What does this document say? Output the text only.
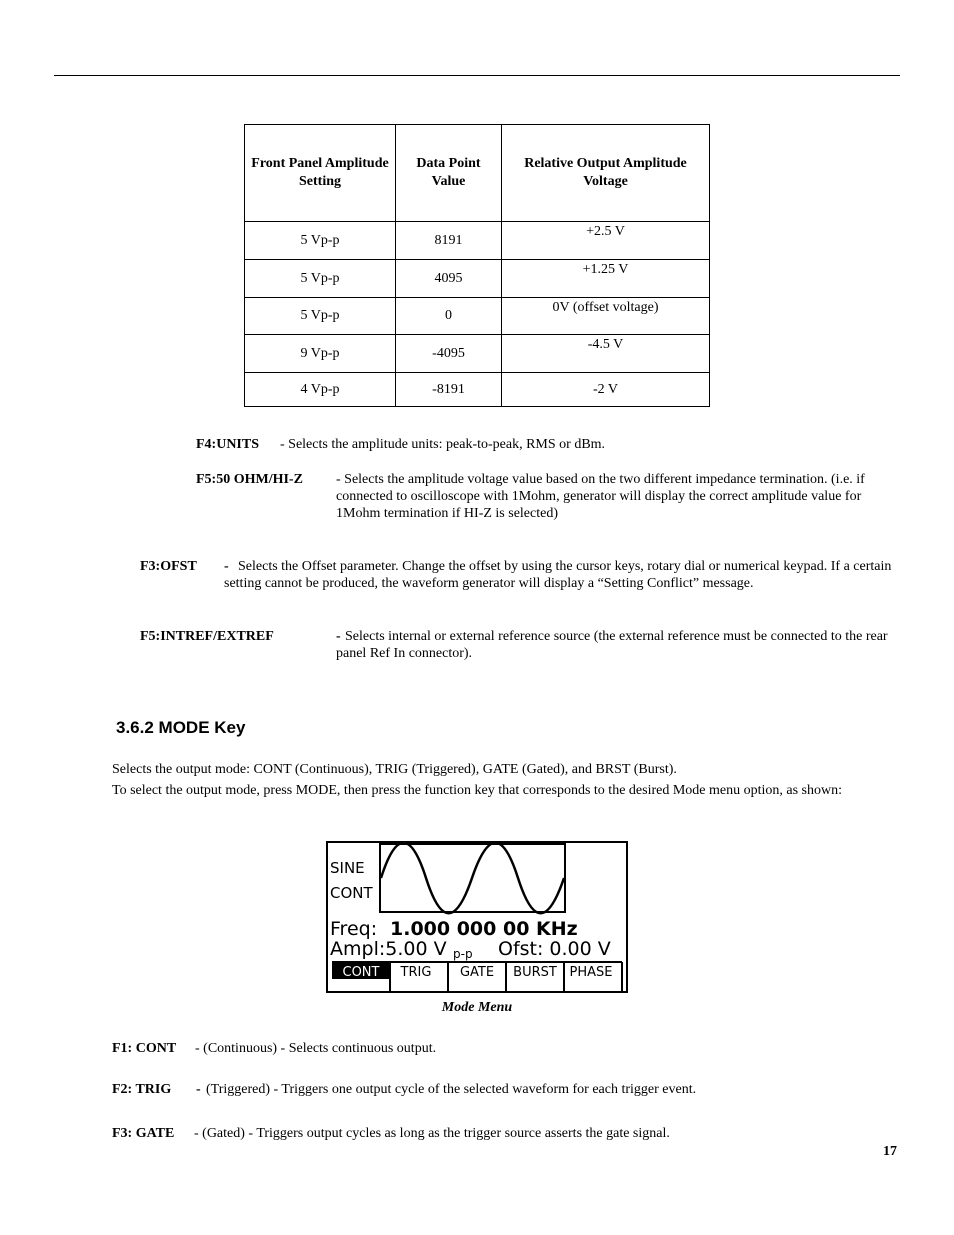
Front Panel Amplitude Setting	Data Point Value	Relative Output Amplitude Voltage
5 Vp-p	8191	+2.5 V
5 Vp-p	4095	+1.25 V
5 Vp-p	0	0V (offset voltage)
9 Vp-p	-4095	-4.5 V
4 Vp-p	-8191	-2 V
F4:UNITS - Selects the amplitude units: peak-to-peak, RMS or dBm.
F5:50 OHM/HI-Z - Selects the amplitude voltage value based on the two different impedance termination. (i.e. if connected to oscilloscope with 1Mohm, generator will display the correct amplitude value for 1Mohm termination if HI-Z is selected)
F3:OFST - Selects the Offset parameter. Change the offset by using the cursor keys, rotary dial or numerical keypad. If a certain setting cannot be produced, the waveform generator will display a “Setting Conflict” message.
F5:INTREF/EXTREF	- Selects internal or external reference source (the external reference must be connected to the rear panel Ref In connector).
3.6.2 MODE Key
Selects the output mode: CONT (Continuous), TRIG (Triggered), GATE (Gated), and BRST (Burst).
To select the output mode, press MODE, then press the function key that corresponds to the desired Mode menu option, as shown:
SINE
CONT
Freq: 1.000 000 00 KHz
Ampl:5.00 V p-p Ofst: 0.00 V
CONT TRIG GATE BURST PHASE
Mode Menu
F1: CONT - (Continuous) - Selects continuous output.
F2: TRIG - (Triggered) - Triggers one output cycle of the selected waveform for each trigger event.
F3: GATE - (Gated) - Triggers output cycles as long as the trigger source asserts the gate signal.
17
